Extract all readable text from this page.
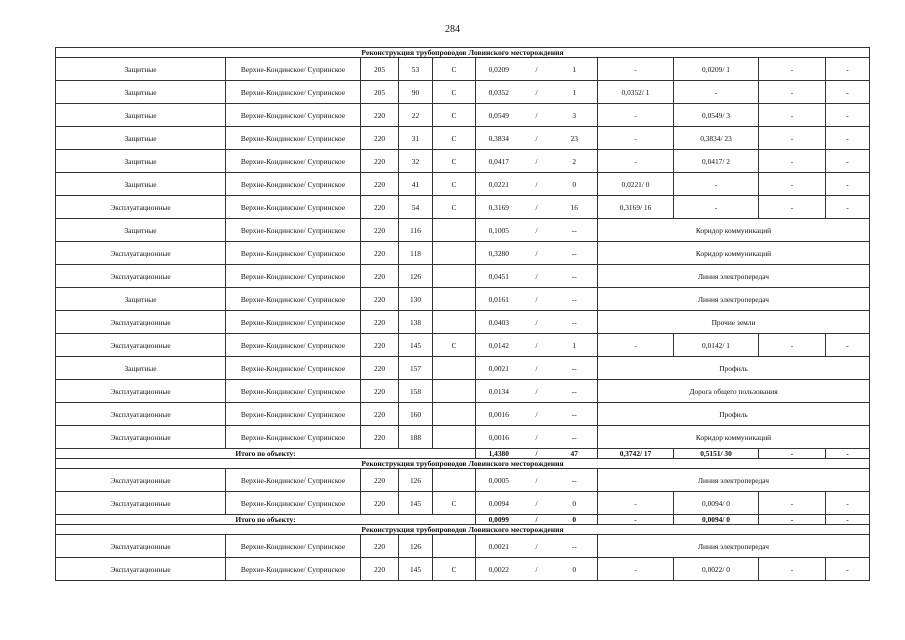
284
Реконструкция трубопроводов Ловинского месторождения											
Защитные	Верхне-Кондинское/ Супринское	205	53	С	0,0209	/	1	-	0,0209/ 1	-	-
Защитные	Верхне-Кондинское/ Супринское	205	90	С	0,0352	/	1	0,0352/ 1	-	-	-
Защитные	Верхне-Кондинское/ Супринское	220	22	С	0,0549	/	3	-	0,0549/ 3	-	-
Защитные	Верхне-Кондинское/ Супринское	220	31	С	0,3834	/	23	-	0,3834/ 23	-	-
Защитные	Верхне-Кондинское/ Супринское	220	32	С	0,0417	/	2	-	0,0417/ 2	-	-
Защитные	Верхне-Кондинское/ Супринское	220	41	С	0,0221	/	0	0,0221/ 0	-	-	-
Эксплуатационные	Верхне-Кондинское/ Супринское	220	54	С	0,3169	/	16	0,3169/ 16	-	-	-
Защитные	Верхне-Кондинское/ Супринское	220	116		0,1005	/	--	Коридор коммуникаций			
Эксплуатационные	Верхне-Кондинское/ Супринское	220	118		0,3280	/	--	Коридор коммуникаций			
Эксплуатационные	Верхне-Кондинское/ Супринское	220	126		0,0451	/	--	Линия электропередач			
Защитные	Верхне-Кондинское/ Супринское	220	130		0,0161	/	--	Линия электропередач			
Эксплуатационные	Верхне-Кондинское/ Супринское	220	138		0,0403	/	--	Прочие земли			
Эксплуатационные	Верхне-Кондинское/ Супринское	220	145	С	0,0142	/	1	-	0,0142/ 1	-	-
Защитные	Верхне-Кондинское/ Супринское	220	157		0,0021	/	--	Профиль			
Эксплуатационные	Верхне-Кондинское/ Супринское	220	158		0,0134	/	--	Дорога общего пользования			
Эксплуатационные	Верхне-Кондинское/ Супринское	220	160		0,0016	/	--	Профиль			
Эксплуатационные	Верхне-Кондинское/ Супринское	220	188		0,0016	/	--	Коридор коммуникаций			
Итого по объекту:					1,4380	/	47	0,3742/ 17	0,5151/ 30	-	-
Реконструкция трубопроводов Ловинского месторождения											
Эксплуатационные	Верхне-Кондинское/ Супринское	220	126		0,0005	/	--	Линия электропередач			
Эксплуатационные	Верхне-Кондинское/ Супринское	220	145	С	0,0094	/	0	-	0,0094/ 0	-	-
Итого по объекту:					0,0099	/	0	-	0,0094/ 0	-	-
Реконструкция трубопроводов Ловинского месторождения											
Эксплуатационные	Верхне-Кондинское/ Супринское	220	126		0,0021	/	--	Линия электропередач			
Эксплуатационные	Верхне-Кондинское/ Супринское	220	145	С	0,0022	/	0	-	0,0022/ 0	-	-
